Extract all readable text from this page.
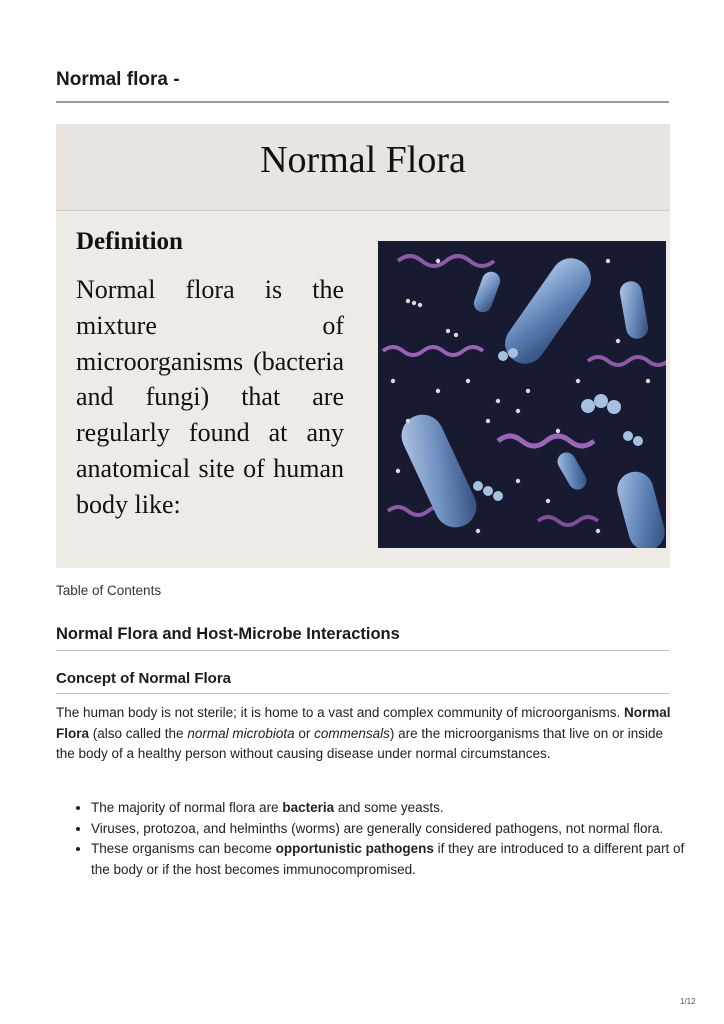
Normal flora -
Normal Flora
Definition
Normal flora is the mixture of microorganisms (bacteria and fungi) that are regularly found at any anatomical site of human body like:
Table of Contents
Normal Flora and Host-Microbe Interactions
Concept of Normal Flora

The human body is not sterile; it is home to a vast and complex community of microorganisms. Normal Flora (also called the normal microbiota or commensals) are the microorganisms that live on or inside the body of a healthy person without causing disease under normal circumstances.

• The majority of normal flora are bacteria and some yeasts.
• Viruses, protozoa, and helminths (worms) are generally considered pathogens, not normal flora.
• These organisms can become opportunistic pathogens if they are introduced to a different part of the body or if the host becomes immunocompromised.
1/12
